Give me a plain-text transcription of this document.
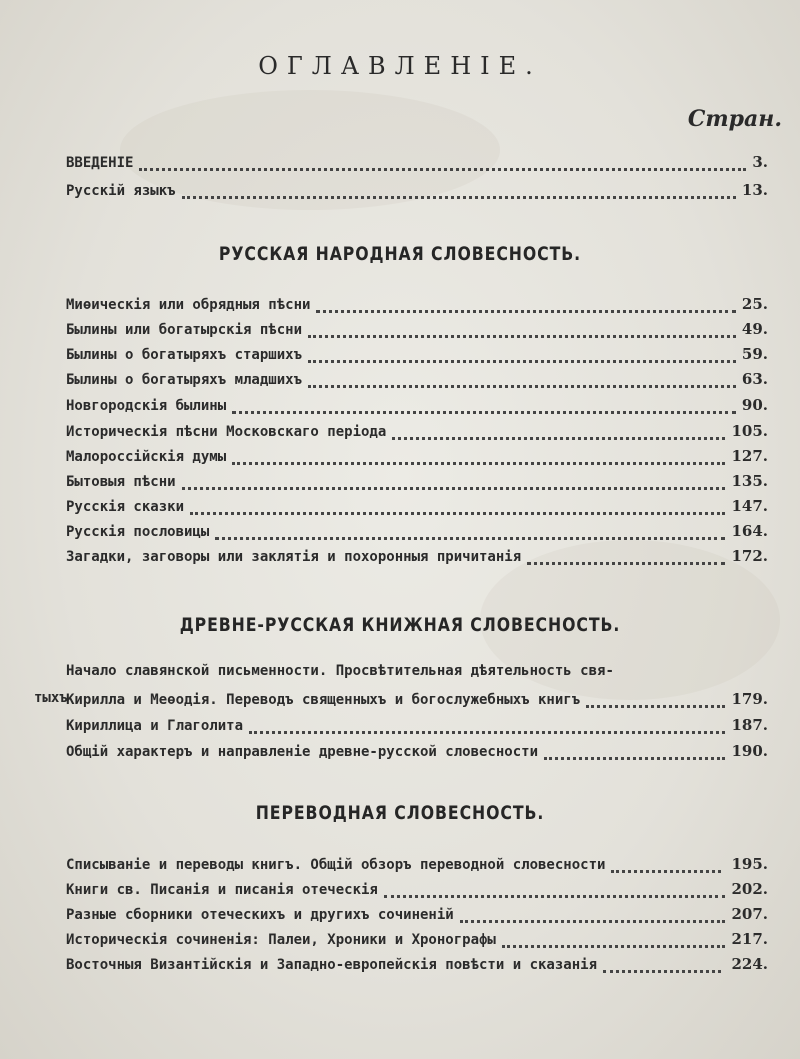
ОГЛАВЛЕНIЕ.
Стран.
ВВЕДЕНIЕ	3.
Русскiй языкъ	13.
РУССКАЯ НАРОДНАЯ СЛОВЕСНОСТЬ.
Миѳическiя или обрядныя пѣсни	25.
Былины или богатырскiя пѣсни	49.
Былины о богатыряхъ старшихъ	59.
Былины о богатыряхъ младшихъ	63.
Новгородскiя былины	90.
Историческiя пѣсни Московскаго перiода	105.
Малороссiйскiя думы	127.
Бытовыя пѣсни	135.
Русскiя сказки	147.
Русскiя пословицы	164.
Загадки, заговоры или заклятiя и похоронныя причитанiя	172.
ДРЕВНЕ-РУССКАЯ КНИЖНАЯ СЛОВЕСНОСТЬ.
Начало славянской письменности. Просвѣтительная дѣятельность свя-
тыхъ
Кирилла и Меѳодiя. Переводъ священныхъ и богослужебныхъ книгъ	179.
Кириллица и Глаголита	187.
Общiй характеръ и направленiе древне-русской словесности	190.
ПЕРЕВОДНАЯ СЛОВЕСНОСТЬ.
Списыванiе и переводы книгъ. Общiй обзоръ переводной словесности	195.
Книги св. Писанiя и писанiя отеческiя	202.
Разные сборники отеческихъ и другихъ сочиненiй	207.
Историческiя сочиненiя: Палеи, Хроники и Хронографы	217.
Восточныя Византiйскiя и Западно-европейскiя повѣсти и сказанiя	224.
